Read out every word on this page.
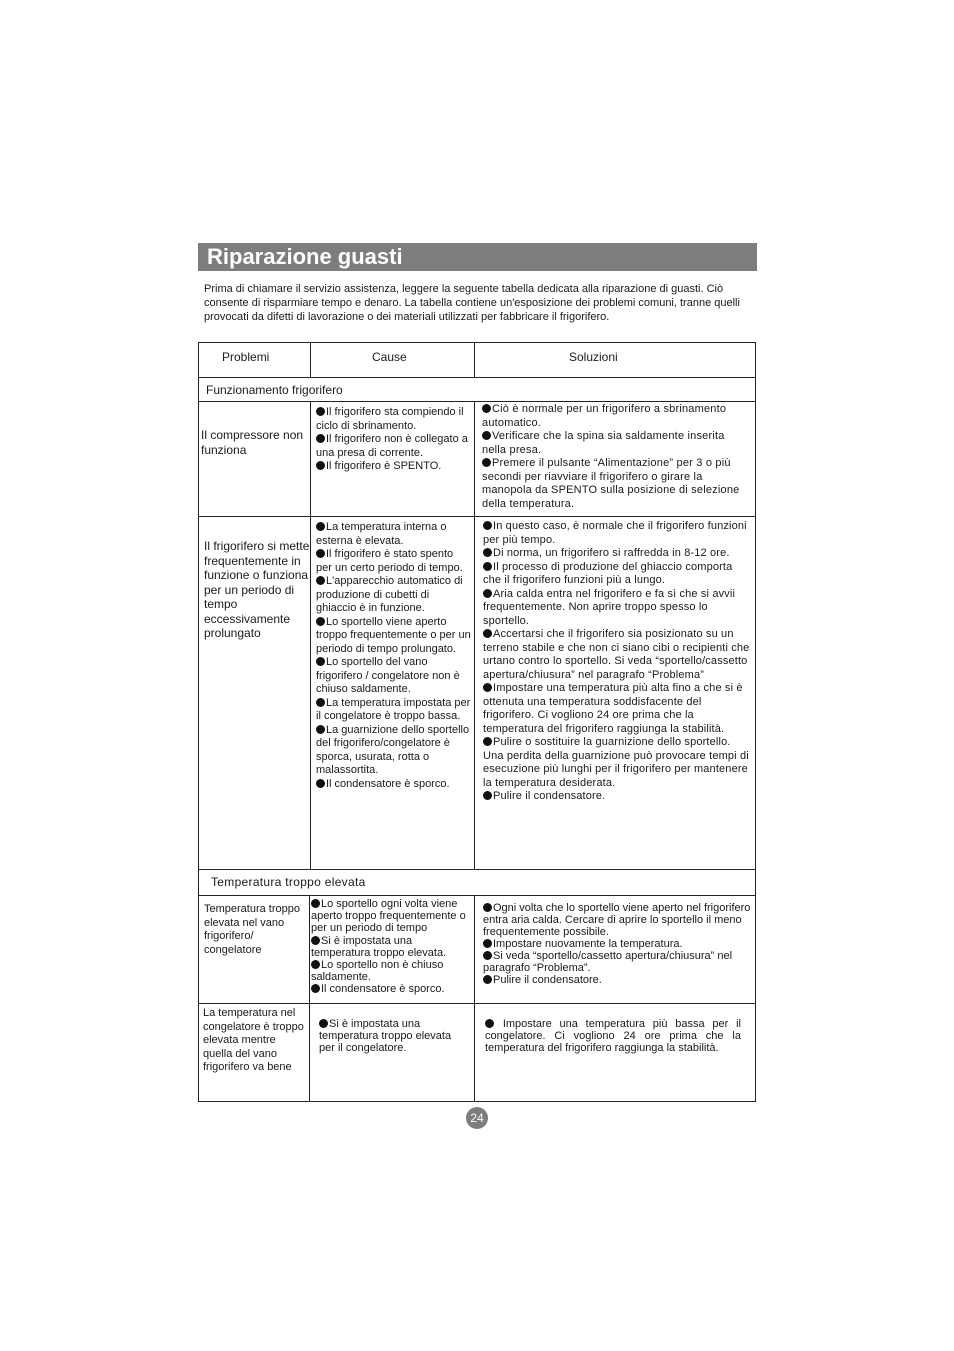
Riparazione guasti
Prima di chiamare il servizio assistenza, leggere la seguente tabella dedicata alla riparazione di guasti. Ciò consente di risparmiare tempo e denaro. La tabella contiene un'esposizione dei problemi comuni, tranne quelli provocati da difetti di lavorazione o dei materiali utilizzati per fabbricare il frigorifero.
Problemi	Cause	Soluzioni
Funzionamento frigorifero
Il compressore non funziona
Il frigorifero sta compiendo il ciclo di sbrinamento.
Il frigorifero non è collegato a una presa di corrente.
Il frigorifero è SPENTO.
Ciò è normale per un frigorifero a sbrinamento automatico.
Verificare che la spina sia saldamente inserita nella presa.
Premere il pulsante “Alimentazione” per 3 o più secondi per riavviare il frigorifero o girare la manopola da SPENTO sulla posizione di selezione della temperatura.
Il frigorifero si mette frequentemente in funzione o funziona per un periodo di tempo eccessivamente prolungato
La temperatura interna o esterna è elevata.
Il frigorifero è stato spento per un certo periodo di tempo.
L'apparecchio automatico di produzione di cubetti di ghiaccio è in funzione.
Lo sportello viene aperto troppo frequentemente o per un periodo di tempo prolungato.
Lo sportello del vano frigorifero / congelatore non è chiuso saldamente.
La temperatura impostata per il congelatore è troppo bassa.
La guarnizione dello sportello del frigorifero/congelatore è sporca, usurata, rotta o malassortita.
Il condensatore è sporco.
In questo caso, è normale che il frigorifero funzioni per più tempo.
Di norma, un frigorifero si raffredda in 8-12 ore.
Il processo di produzione del ghiaccio comporta che il frigorifero funzioni più a lungo.
Aria calda entra nel frigorifero e fa sì che si avvii frequentemente. Non aprire troppo spesso lo sportello.
Accertarsi che il frigorifero sia posizionato su un terreno stabile e che non ci siano cibi o recipienti che urtano contro lo sportello. Si veda “sportello/cassetto apertura/chiusura” nel paragrafo “Problema”
Impostare una temperatura più alta fino a che si è ottenuta una temperatura soddisfacente del frigorifero. Ci vogliono 24 ore prima che la temperatura del frigorifero raggiunga la stabilità.
Pulire o sostituire la guarnizione dello sportello. Una perdita della guarnizione può provocare tempi di esecuzione più lunghi per il frigorifero per mantenere la temperatura desiderata.
Pulire il condensatore.
Temperatura troppo elevata
Temperatura troppo elevata nel vano frigorifero/ congelatore
Lo sportello ogni volta viene aperto troppo frequentemente o per un periodo di tempo
Si è impostata una temperatura troppo elevata.
Lo sportello non è chiuso saldamente.
Il condensatore è sporco.
Ogni volta che lo sportello viene aperto nel frigorifero entra aria calda. Cercare di aprire lo sportello il meno frequentemente possibile.
Impostare nuovamente la temperatura.
Si veda “sportello/cassetto apertura/chiusura” nel paragrafo “Problema”.
Pulire il condensatore.
La temperatura nel congelatore è troppo elevata mentre quella del vano frigorifero va bene
Si è impostata una temperatura troppo elevata per il congelatore.
Impostare una temperatura più bassa per il congelatore. Ci vogliono 24 ore prima che la temperatura del frigorifero raggiunga la stabilità.
24
